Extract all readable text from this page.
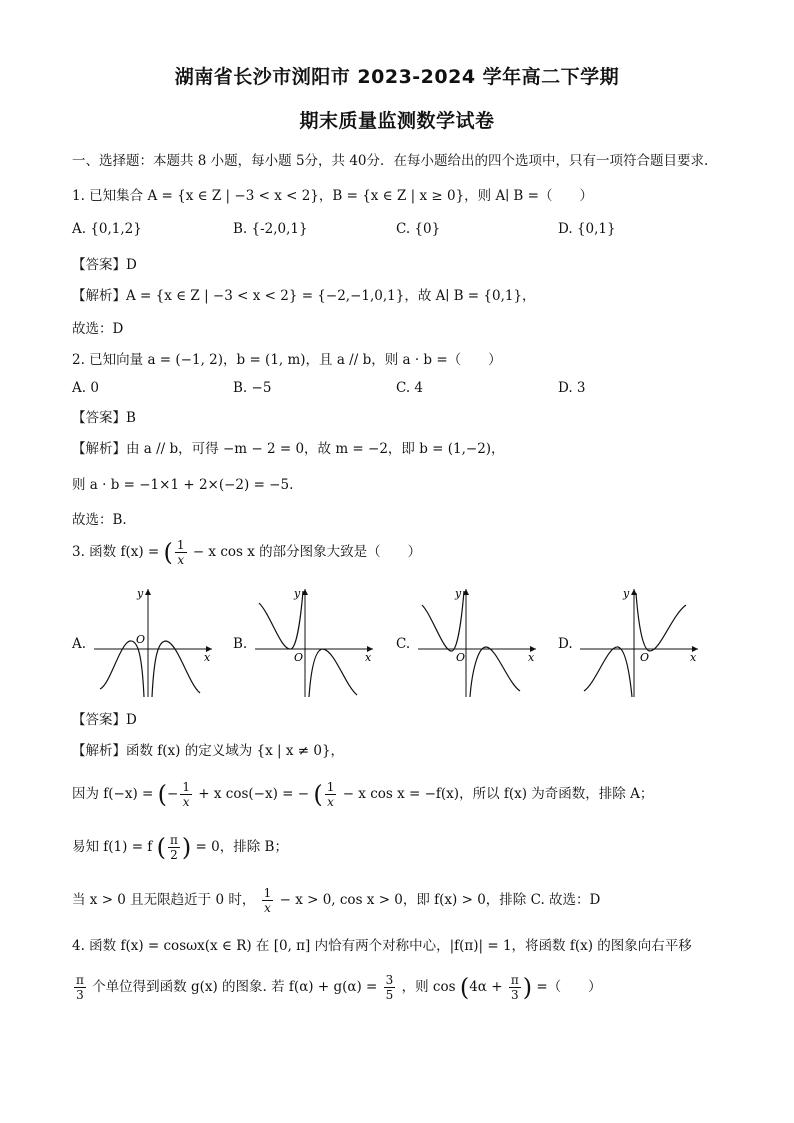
湖南省长沙市浏阳市 2023-2024 学年高二下学期
期末质量监测数学试卷
一、选择题：本题共 8 小题，每小题 5分，共 40分．在每小题给出的四个选项中，只有一项符合题目要求.
1. 已知集合 A = {x ∈ Z | −3 < x < 2}，B = {x ∈ Z | x ≥ 0}，则 A∣ B =（　　）
A. {0,1,2}	B. {-2,0,1}	C. {0}	D. {0,1}
【答案】D
【解析】A = {x ∈ Z | −3 < x < 2} = {−2,−1,0,1}，故 A∣ B = {0,1}，
故选：D
2. 已知向量 a = (−1, 2)，b = (1, m)，且 a // b，则 a · b =（　　）
A. 0	B. −5	C. 4	D. 3
【答案】B
【解析】由 a // b，可得 −m − 2 = 0，故 m = −2，即 b = (1,−2)，
则 a · b = −1×1 + 2×(−2) = −5.
故选：B.
3. 函数 f(x) = ( $\frac{1}{x} - x$ cos x 的部分图象大致是（　　）
A.
y
x
O	B.
y
x
O
C.
y
x
O
D.
y
x
O
【答案】D
【解析】函数 f(x) 的定义域为 {x | x ≠ 0}，
因为 f(−x) = (− $\frac{1}{x} + x$ cos(−x) = − ( $\frac{1}{x} - x$ cos x = −f(x)，所以 f(x) 为奇函数，排除 A；
易知 f(1) = f ( $\frac{\pi}{2}$ ) = 0，排除 B；
当 x > 0 且无限趋近于 0 时， $\frac{1}{x} - x > 0$, cos x > 0，即 f(x) > 0，排除 C. 故选：D
4. 函数 f(x) = cosωx(x ∈ R) 在 [0, π] 内恰有两个对称中心，|f(π)| = 1，将函数 f(x) 的图象向右平移
$\frac{\pi}{3}$ 个单位得到函数 g(x) 的图象. 若 $f(\alpha) + g(\alpha) = \frac{3}{5}$ ，则 $\cos (4\alpha + \frac{\pi}{3}$ ) =（　　）
